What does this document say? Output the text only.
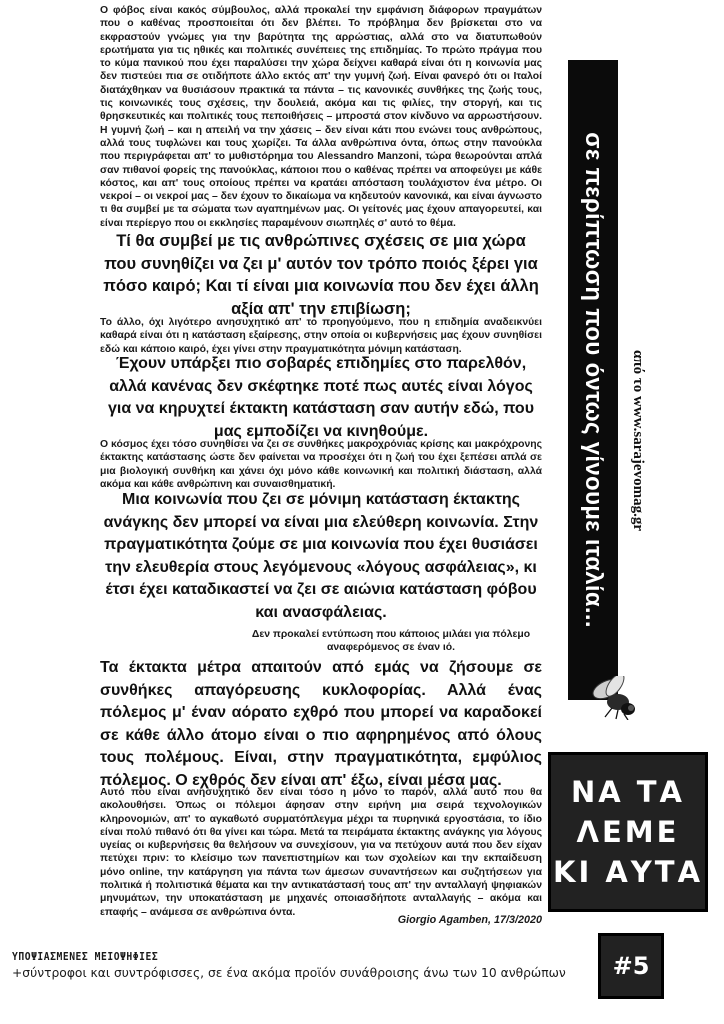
Ο φόβος είναι κακός σύμβουλος, αλλά προκαλεί την εμφάνιση διάφορων πραγμάτων που ο καθένας προσποιείται ότι δεν βλέπει. Το πρόβλημα δεν βρίσκεται στο να εκφραστούν γνώμες για την βαρύτητα της αρρώστιας, αλλά στο να διατυπωθούν ερωτήματα για τις ηθικές και πολιτικές συνέπειες της επιδημίας. Το πρώτο πράγμα που το κύμα πανικού που έχει παραλύσει την χώρα δείχνει καθαρά είναι ότι η κοινωνία μας δεν πιστεύει πια σε οτιδήποτε άλλο εκτός απ' την γυμνή ζωή. Είναι φανερό ότι οι Ιταλοί διατάχθηκαν να θυσιάσουν πρακτικά τα πάντα – τις κανονικές συνθήκες της ζωής τους, τις κοινωνικές τους σχέσεις, την δουλειά, ακόμα και τις φιλίες, την στοργή, και τις θρησκευτικές και πολιτικές τους πεποιθήσεις – μπροστά στον κίνδυνο να αρρωστήσουν. Η γυμνή ζωή – και η απειλή να την χάσεις – δεν είναι κάτι που ενώνει τους ανθρώπους, αλλά τους τυφλώνει και τους χωρίζει. Τα άλλα ανθρώπινα όντα, όπως στην πανούκλα που περιγράφεται απ' το μυθιστόρημα του Alessandro Manzoni, τώρα θεωρούνται απλά σαν πιθανοί φορείς της πανούκλας, κάποιοι που ο καθένας πρέπει να αποφεύγει με κάθε κόστος, και απ' τους οποίους πρέπει να κρατάει απόσταση τουλάχιστον ένα μέτρο. Οι νεκροί – οι νεκροί μας – δεν έχουν το δικαίωμα να κηδευτούν κανονικά, και είναι άγνωστο τι θα συμβεί με τα σώματα των αγαπημένων μας. Οι γείτονές μας έχουν απαγορευτεί, και είναι περίεργο που οι εκκλησίες παραμένουν σιωπηλές σ' αυτό το θέμα.

Τί θα συμβεί με τις ανθρώπινες σχέσεις σε μια χώρα που συνηθίζει να ζει μ' αυτόν τον τρόπο ποιός ξέρει για πόσο καιρό; Και τί είναι μια κοινωνία που δεν έχει άλλη αξία απ' την επιβίωση;

Το άλλο, όχι λιγότερο ανησυχητικό απ' το προηγούμενο, που η επιδημία αναδεικνύει καθαρά είναι ότι η κατάσταση εξαίρεσης, στην οποία οι κυβερνήσεις μας έχουν συνηθίσει εδώ και κάποιο καιρό, έχει γίνει στην πραγματικότητα μόνιμη κατάσταση.

Έχουν υπάρξει πιο σοβαρές επιδημίες στο παρελθόν, αλλά κανένας δεν σκέφτηκε ποτέ πως αυτές είναι λόγος για να κηρυχτεί έκτακτη κατάσταση σαν αυτήν εδώ, που μας εμποδίζει να κινηθούμε.

Ο κόσμος έχει τόσο συνηθίσει να ζει σε συνθήκες μακροχρόνιας κρίσης και μακρόχρονης έκτακτης κατάστασης ώστε δεν φαίνεται να προσέχει ότι η ζωή του έχει ξεπέσει απλά σε μια βιολογική συνθήκη και χάνει όχι μόνο κάθε κοινωνική και πολιτική διάσταση, αλλά ακόμα και κάθε ανθρώπινη και συναισθηματική.

Μια κοινωνία που ζει σε μόνιμη κατάσταση έκτακτης ανάγκης δεν μπορεί να είναι μια ελεύθερη κοινωνία. Στην πραγματικότητα ζούμε σε μια κοινωνία που έχει θυσιάσει την ελευθερία στους λεγόμενους «λόγους ασφάλειας», κι έτσι έχει καταδικαστεί να ζει σε αιώνια κατάσταση φόβου και ανασφάλειας.

Δεν προκαλεί εντύπωση που κάποιος μιλάει για πόλεμο αναφερόμενος σε έναν ιό.

Τα έκτακτα μέτρα απαιτούν από εμάς να ζήσουμε σε συνθήκες απαγόρευσης κυκλοφορίας. Αλλά ένας πόλεμος μ' έναν αόρατο εχθρό που μπορεί να καραδοκεί σε κάθε άλλο άτομο είναι ο πιο αφηρημένος από όλους τους πολέμους. Είναι, στην πραγματικότητα, εμφύλιος πόλεμος. Ο εχθρός δεν είναι απ' έξω, είναι μέσα μας.

Αυτό που είναι ανησυχητικό δεν είναι τόσο η μόνο το παρόν, αλλά αυτό που θα ακολουθήσει. Όπως οι πόλεμοι άφησαν στην ειρήνη μια σειρά τεχνολογικών κληρονομιών, απ' το αγκαθωτό συρματόπλεγμα μέχρι τα πυρηνικά εργοστάσια, το ίδιο είναι πολύ πιθανό ότι θα γίνει και τώρα. Μετά τα πειράματα έκτακτης ανάγκης για λόγους υγείας οι κυβερνήσεις θα θελήσουν να συνεχίσουν, για να πετύχουν αυτά που δεν είχαν πετύχει πριν: το κλείσιμο των πανεπιστημίων και των σχολείων και την εκπαίδευση μόνο online, την κατάργηση για πάντα των άμεσων συναντήσεων και συζητήσεων για πολιτικά ή πολιτιστικά θέματα και την αντικατάστασή τους απ' την ανταλλαγή ψηφιακών μηνυμάτων, την υποκατάσταση με μηχανές οποιασδήποτε ανταλλαγής – ακόμα και επαφής – ανάμεσα σε ανθρώπινα όντα.

Giorgio Agamben, 17/3/2020

σε περίπτωση που όντως γίνουμε ιταλία...	από το www.sarajevomag.gr
ΝΑ ΤΑ
ΛΕΜΕ
ΚΙ ΑΥΤΑ
#5

ΥΠΟΨΙΑΣΜΕΝΕΣ ΜΕΙΟΨΗΦΙΕΣ

+σύντροφοι και συντρόφισσες, σε ένα ακόμα προϊόν συνάθροισης άνω των 10 ανθρώπων
